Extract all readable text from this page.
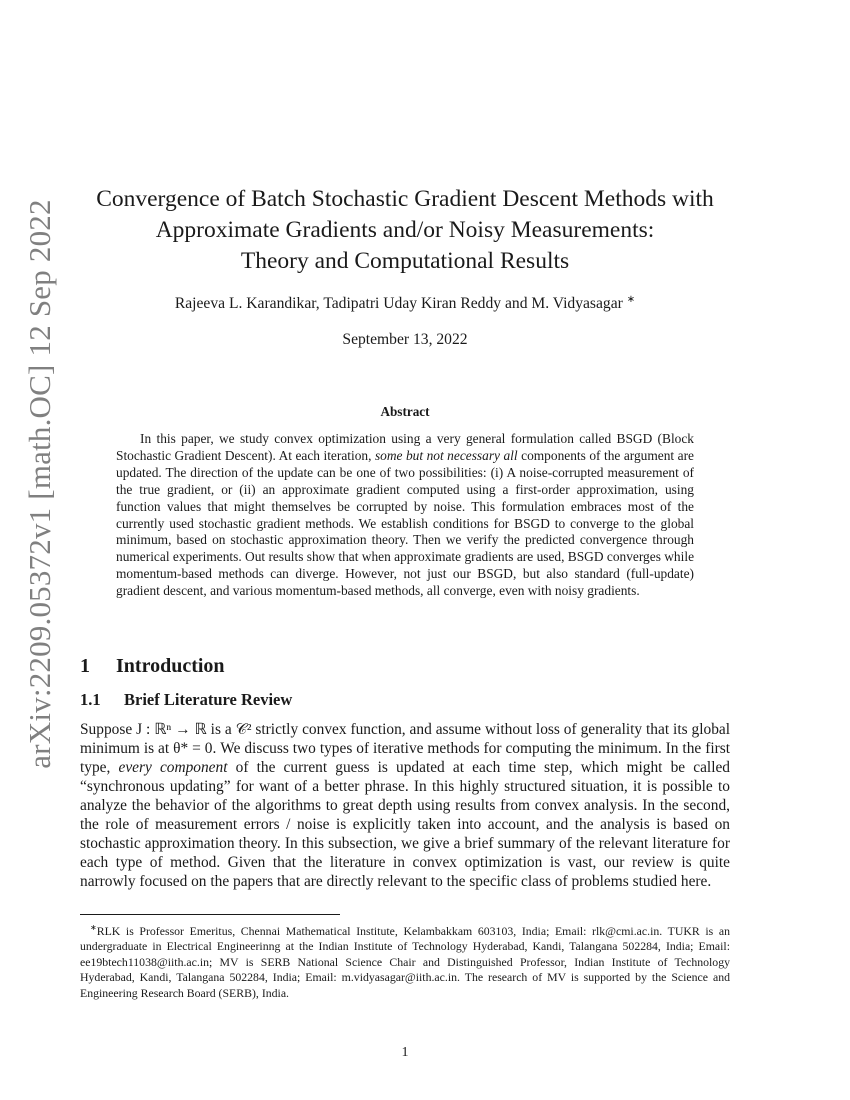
arXiv:2209.05372v1 [math.OC] 12 Sep 2022
Convergence of Batch Stochastic Gradient Descent Methods with
Approximate Gradients and/or Noisy Measurements:
Theory and Computational Results
Rajeeva L. Karandikar, Tadipatri Uday Kiran Reddy and M. Vidyasagar ∗
September 13, 2022
Abstract

In this paper, we study convex optimization using a very general formulation called BSGD (Block Stochastic Gradient Descent). At each iteration, some but not necessary all components of the argument are updated. The direction of the update can be one of two possibilities: (i) A noise-corrupted measurement of the true gradient, or (ii) an approximate gradient computed using a first-order approximation, using function values that might themselves be corrupted by noise. This formulation embraces most of the currently used stochastic gradient methods. We establish conditions for BSGD to converge to the global minimum, based on stochastic approximation theory. Then we verify the predicted convergence through numerical experiments. Out results show that when approximate gradients are used, BSGD converges while momentum-based methods can diverge. However, not just our BSGD, but also standard (full-update) gradient descent, and various momentum-based methods, all converge, even with noisy gradients.

1 Introduction
1.1 Brief Literature Review

Suppose J : ℝⁿ → ℝ is a 𝒞² strictly convex function, and assume without loss of generality that its global minimum is at θ* = 0. We discuss two types of iterative methods for computing the minimum. In the first type, every component of the current guess is updated at each time step, which might be called “synchronous updating” for want of a better phrase. In this highly structured situation, it is possible to analyze the behavior of the algorithms to great depth using results from convex analysis. In the second, the role of measurement errors / noise is explicitly taken into account, and the analysis is based on stochastic approximation theory. In this subsection, we give a brief summary of the relevant literature for each type of method. Given that the literature in convex optimization is vast, our review is quite narrowly focused on the papers that are directly relevant to the specific class of problems studied here.

∗RLK is Professor Emeritus, Chennai Mathematical Institute, Kelambakkam 603103, India; Email: rlk@cmi.ac.in. TUKR is an undergraduate in Electrical Engineerinng at the Indian Institute of Technology Hyderabad, Kandi, Talangana 502284, India; Email: ee19btech11038@iith.ac.in; MV is SERB National Science Chair and Distinguished Professor, Indian Institute of Technology Hyderabad, Kandi, Talangana 502284, India; Email: m.vidyasagar@iith.ac.in. The research of MV is supported by the Science and Engineering Research Board (SERB), India.

1
